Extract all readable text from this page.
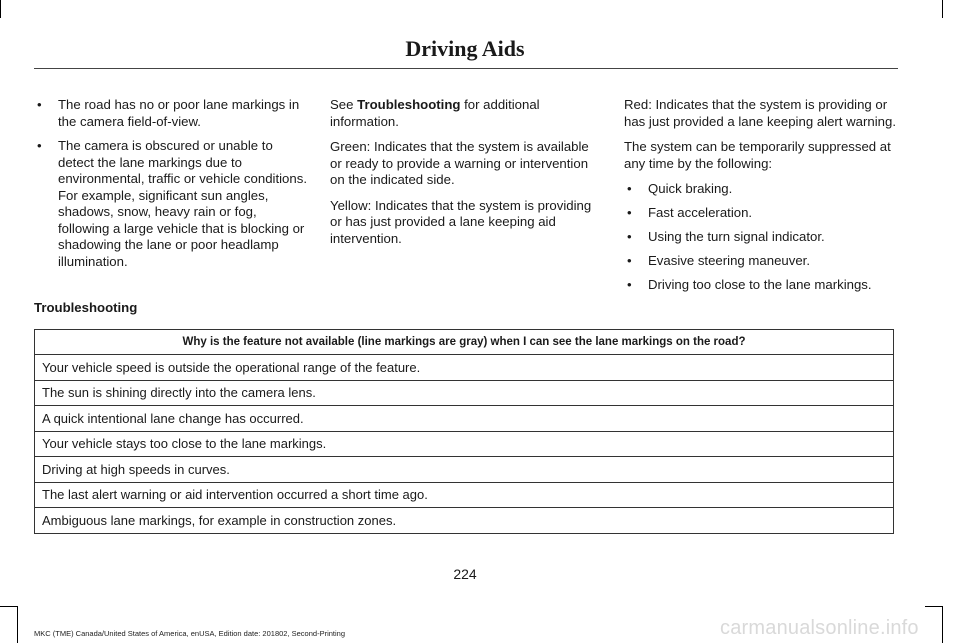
Driving Aids
• The road has no or poor lane markings in the camera field-of-view.
• The camera is obscured or unable to detect the lane markings due to environmental, traffic or vehicle conditions. For example, significant sun angles, shadows, snow, heavy rain or fog, following a large vehicle that is blocking or shadowing the lane or poor headlamp illumination.

See Troubleshooting for additional information.

Green: Indicates that the system is available or ready to provide a warning or intervention on the indicated side.

Yellow: Indicates that the system is providing or has just provided a lane keeping aid intervention.

Red: Indicates that the system is providing or has just provided a lane keeping alert warning.

The system can be temporarily suppressed at any time by the following:

• Quick braking.
• Fast acceleration.
• Using the turn signal indicator.
• Evasive steering maneuver.
• Driving too close to the lane markings.
Troubleshooting
Why is the feature not available (line markings are gray) when I can see the lane markings on the road?
Your vehicle speed is outside the operational range of the feature.
The sun is shining directly into the camera lens.
A quick intentional lane change has occurred.
Your vehicle stays too close to the lane markings.
Driving at high speeds in curves.
The last alert warning or aid intervention occurred a short time ago.
Ambiguous lane markings, for example in construction zones.
224
MKC (TME) Canada/United States of America, enUSA, Edition date: 201802, Second-Printing	carmanualsonline.info
